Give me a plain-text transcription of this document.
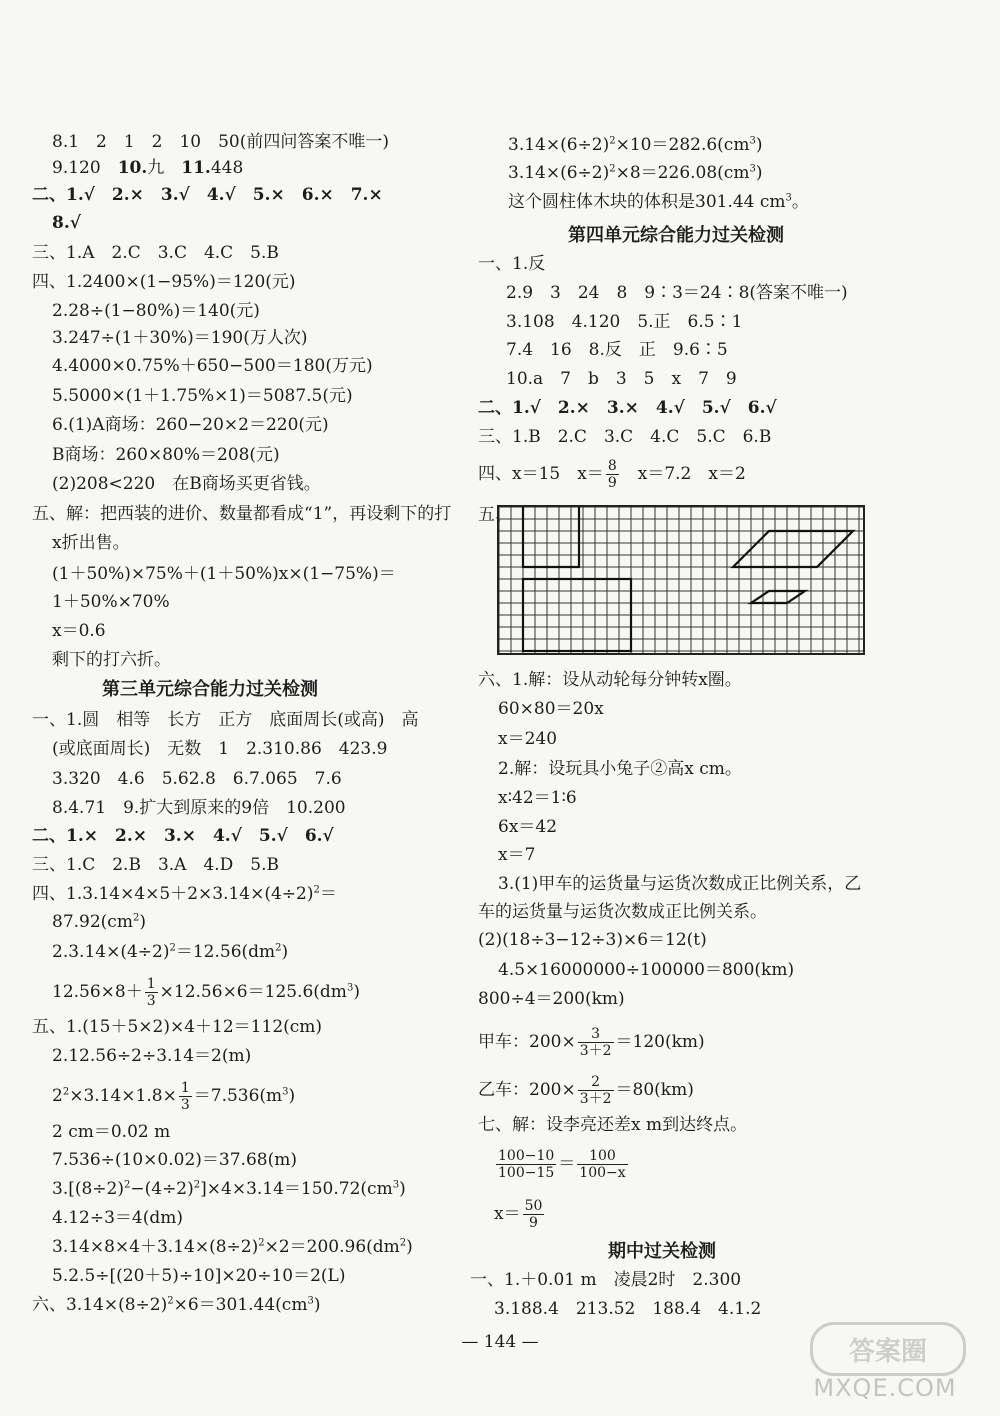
8.1　2　1　2　10　50(前四问答案不唯一)
9.120　10.九　11.448
二、1.√　2.×　3.√　4.√　5.×　6.×　7.×
8.√
三、1.A　2.C　3.C　4.C　5.B
四、1.2400×(1−95%)＝120(元)
2.28÷(1−80%)＝140(元)
3.247÷(1＋30%)＝190(万人次)
4.4000×0.75%＋650−500＝180(万元)
5.5000×(1＋1.75%×1)＝5087.5(元)
6.(1)A商场：260−20×2＝220(元)
B商场：260×80%＝208(元)
(2)208<220　在B商场买更省钱。
五、解：把西装的进价、数量都看成“1”，再设剩下的打
x折出售。
(1＋50%)×75%＋(1＋50%)x×(1−75%)＝
1＋50%×70%
x＝0.6
剩下的打六折。
第三单元综合能力过关检测
一、1.圆　相等　长方　正方　底面周长(或高)　高
(或底面周长)　无数　1　2.310.86　423.9
3.320　4.6　5.62.8　6.7.065　7.6
8.4.71　9.扩大到原来的9倍　10.200
二、1.×　2.×　3.×　4.√　5.√　6.√
三、1.C　2.B　3.A　4.D　5.B
四、$1.3.14\times 4\times 5+2\times 3.14\times(4\div 2)^2=$
$87.92(cm^2)$
$2.3.14\times(4\div 2)^2=12.56(dm^2)$
$12.56\times 8+ \frac{1}{3} \times 12.56\times 6=125.6(dm^3)$
五、1.(15＋5×2)×4＋12＝112(cm)
2.12.56÷2÷3.14＝2(m)
$2^2\times 3.14\times 1.8\times \frac{1}{3} =7.536(m^3)$
2 cm＝0.02 m
7.536÷(10×0.02)＝37.68(m)
$3.[(8\div 2)^2-(4\div 2)^2]\times 4\times 3.14=150.72(cm^3)$
4.12÷3＝4(dm)
$3.14\times 8\times 4+3.14\times(8\div 2)^2\times 2=200.96(dm^2)$
5.2.5÷[(20＋5)÷10]×20÷10＝2(L)
六、$3.14\times(8\div 2)^2\times 6=301.44(cm^3)$
$3.14\times(6\div 2)^2\times 10=282.6(cm^3)$
$3.14\times(6\div 2)^2\times 8=226.08(cm^3)$
这个圆柱体木块的体积是301.44 $cm^3$。
第四单元综合能力过关检测
一、1.反
2.9　3　24　8　9∶3＝24∶8(答案不唯一)
3.108　4.120　5.正　6.5∶1
7.4　16　8.反　正　9.6∶5
10.a　7　b　3　5　x　7　9
二、1.√　2.×　3.×　4.√　5.√　6.√
三、1.B　2.C　3.C　4.C　5.C　6.B
四、x＝15　$x= \frac{8}{9}$ 　x＝7.2　x＝2
五、
六、1.解：设从动轮每分钟转x圈。
60×80＝20x
x＝240
2.解：设玩具小兔子②高x cm。
x∶42＝1∶6
6x＝42
x＝7
3.(1)甲车的运货量与运货次数成正比例关系，乙
车的运货量与运货次数成正比例关系。
(2)(18÷3−12÷3)×6＝12(t)
4.5×16000000÷100000＝800(km)
800÷4＝200(km)
甲车：$200\times \frac{3}{3+2} =120(km)$
乙车：$200\times \frac{2}{3+2} =80(km)$
七、解：设李亮还差x m到达终点。
$\frac{100-10}{100-15} = \frac{100}{100-x}$
$x= \frac{50}{9}$
期中过关检测
一、1.＋0.01 m　凌晨2时　2.300
3.188.4　213.52　188.4　4.1.2
— 144 —	答案圈
MXQE.COM
